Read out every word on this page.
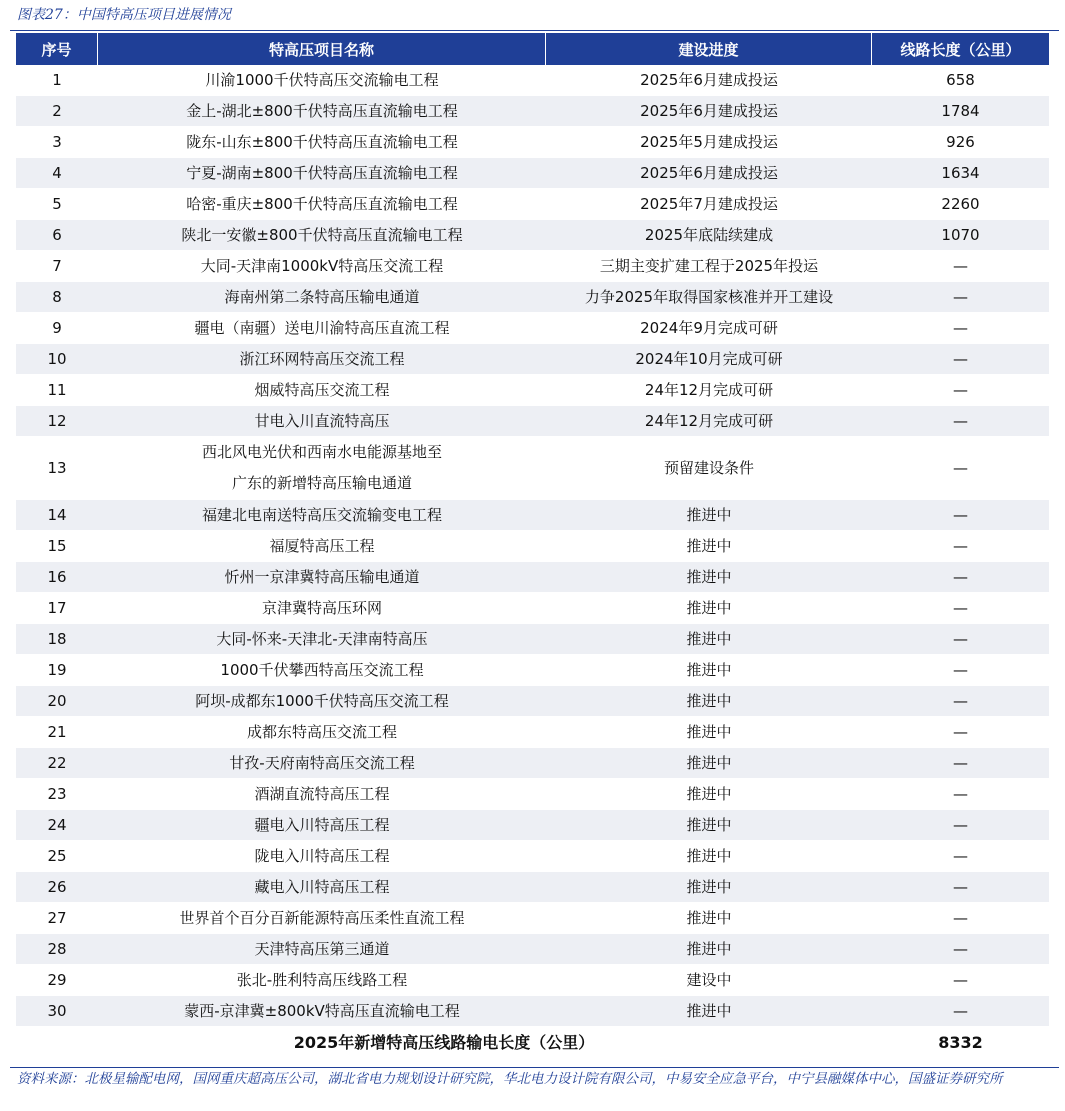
图表27：中国特高压项目进展情况
序号	特高压项目名称	建设进度	线路长度（公里）
1	川渝1000千伏特高压交流输电工程	2025年6月建成投运	658
2	金上-湖北±800千伏特高压直流输电工程	2025年6月建成投运	1784
3	陇东-山东±800千伏特高压直流输电工程	2025年5月建成投运	926
4	宁夏-湖南±800千伏特高压直流输电工程	2025年6月建成投运	1634
5	哈密-重庆±800千伏特高压直流输电工程	2025年7月建成投运	2260
6	陕北一安徽±800千伏特高压直流输电工程	2025年底陆续建成	1070
7	大同-天津南1000kV特高压交流工程	三期主变扩建工程于2025年投运	—
8	海南州第二条特高压输电通道	力争2025年取得国家核准并开工建设	—
9	疆电（南疆）送电川渝特高压直流工程	2024年9月完成可研	—
10	浙江环网特高压交流工程	2024年10月完成可研	—
11	烟威特高压交流工程	24年12月完成可研	—
12	甘电入川直流特高压	24年12月完成可研	—
13	西北风电光伏和西南水电能源基地至广东的新增特高压输电通道	预留建设条件	—
14	福建北电南送特高压交流输变电工程	推进中	—
15	福厦特高压工程	推进中	—
16	忻州一京津冀特高压输电通道	推进中	—
17	京津冀特高压环网	推进中	—
18	大同-怀来-天津北-天津南特高压	推进中	—
19	1000千伏攀西特高压交流工程	推进中	—
20	阿坝-成都东1000千伏特高压交流工程	推进中	—
21	成都东特高压交流工程	推进中	—
22	甘孜-天府南特高压交流工程	推进中	—
23	酒湖直流特高压工程	推进中	—
24	疆电入川特高压工程	推进中	—
25	陇电入川特高压工程	推进中	—
26	藏电入川特高压工程	推进中	—
27	世界首个百分百新能源特高压柔性直流工程	推进中	—
28	天津特高压第三通道	推进中	—
29	张北-胜利特高压线路工程	建设中	—
30	蒙西-京津冀±800kV特高压直流输电工程	推进中	—
2025年新增特高压线路输电长度（公里）			8332
资料来源：北极星输配电网，国网重庆超高压公司，湖北省电力规划设计研究院，华北电力设计院有限公司，中易安全应急平台，中宁县融媒体中心，国盛证券研究所
